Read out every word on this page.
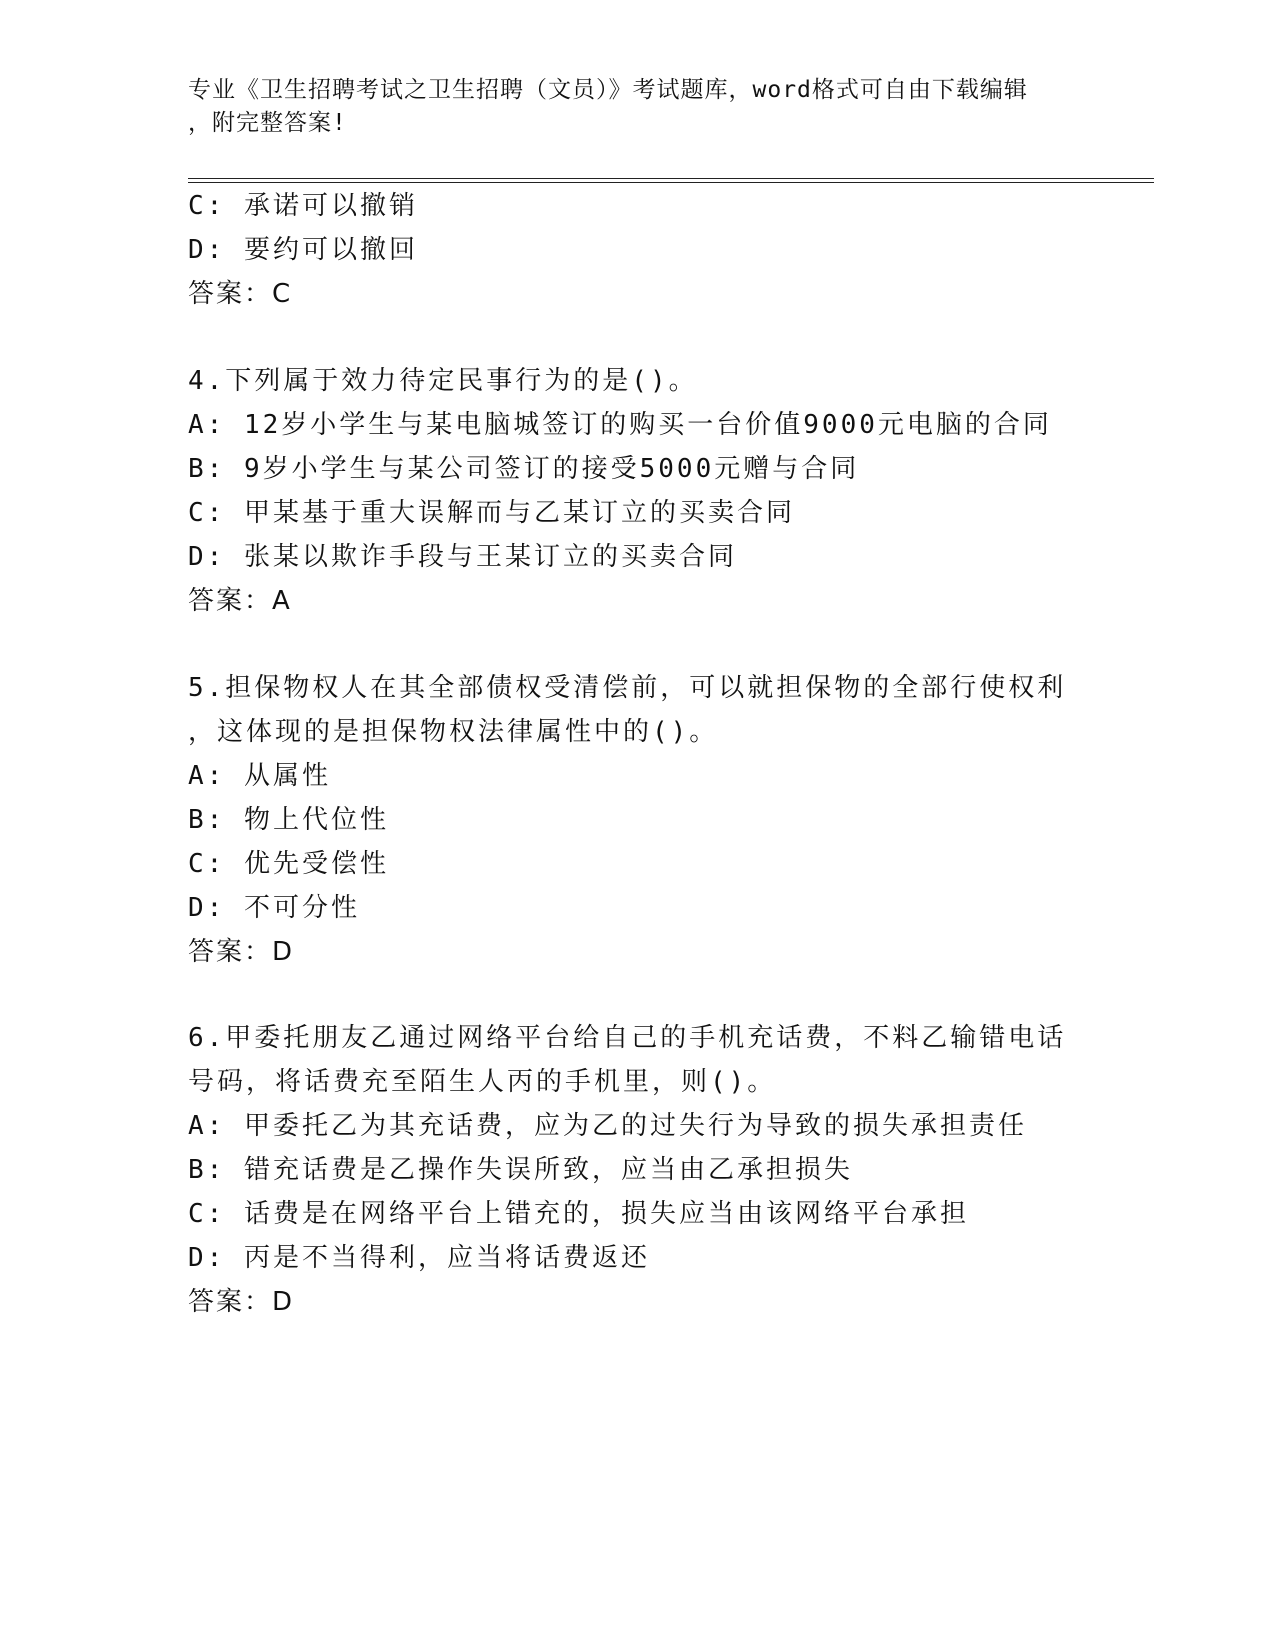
专业《卫生招聘考试之卫生招聘（文员）》考试题库，word格式可自由下载编辑
，附完整答案!
C: 承诺可以撤销
D: 要约可以撤回
答案：C
4.下列属于效力待定民事行为的是()。
A: 12岁小学生与某电脑城签订的购买一台价值9000元电脑的合同
B: 9岁小学生与某公司签订的接受5000元赠与合同
C: 甲某基于重大误解而与乙某订立的买卖合同
D: 张某以欺诈手段与王某订立的买卖合同
答案：A
5.担保物权人在其全部债权受清偿前，可以就担保物的全部行使权利
，这体现的是担保物权法律属性中的()。
A: 从属性
B: 物上代位性
C: 优先受偿性
D: 不可分性
答案：D
6.甲委托朋友乙通过网络平台给自己的手机充话费，不料乙输错电话
号码，将话费充至陌生人丙的手机里，则()。
A: 甲委托乙为其充话费，应为乙的过失行为导致的损失承担责任
B: 错充话费是乙操作失误所致，应当由乙承担损失
C: 话费是在网络平台上错充的，损失应当由该网络平台承担
D: 丙是不当得利，应当将话费返还
答案：D
